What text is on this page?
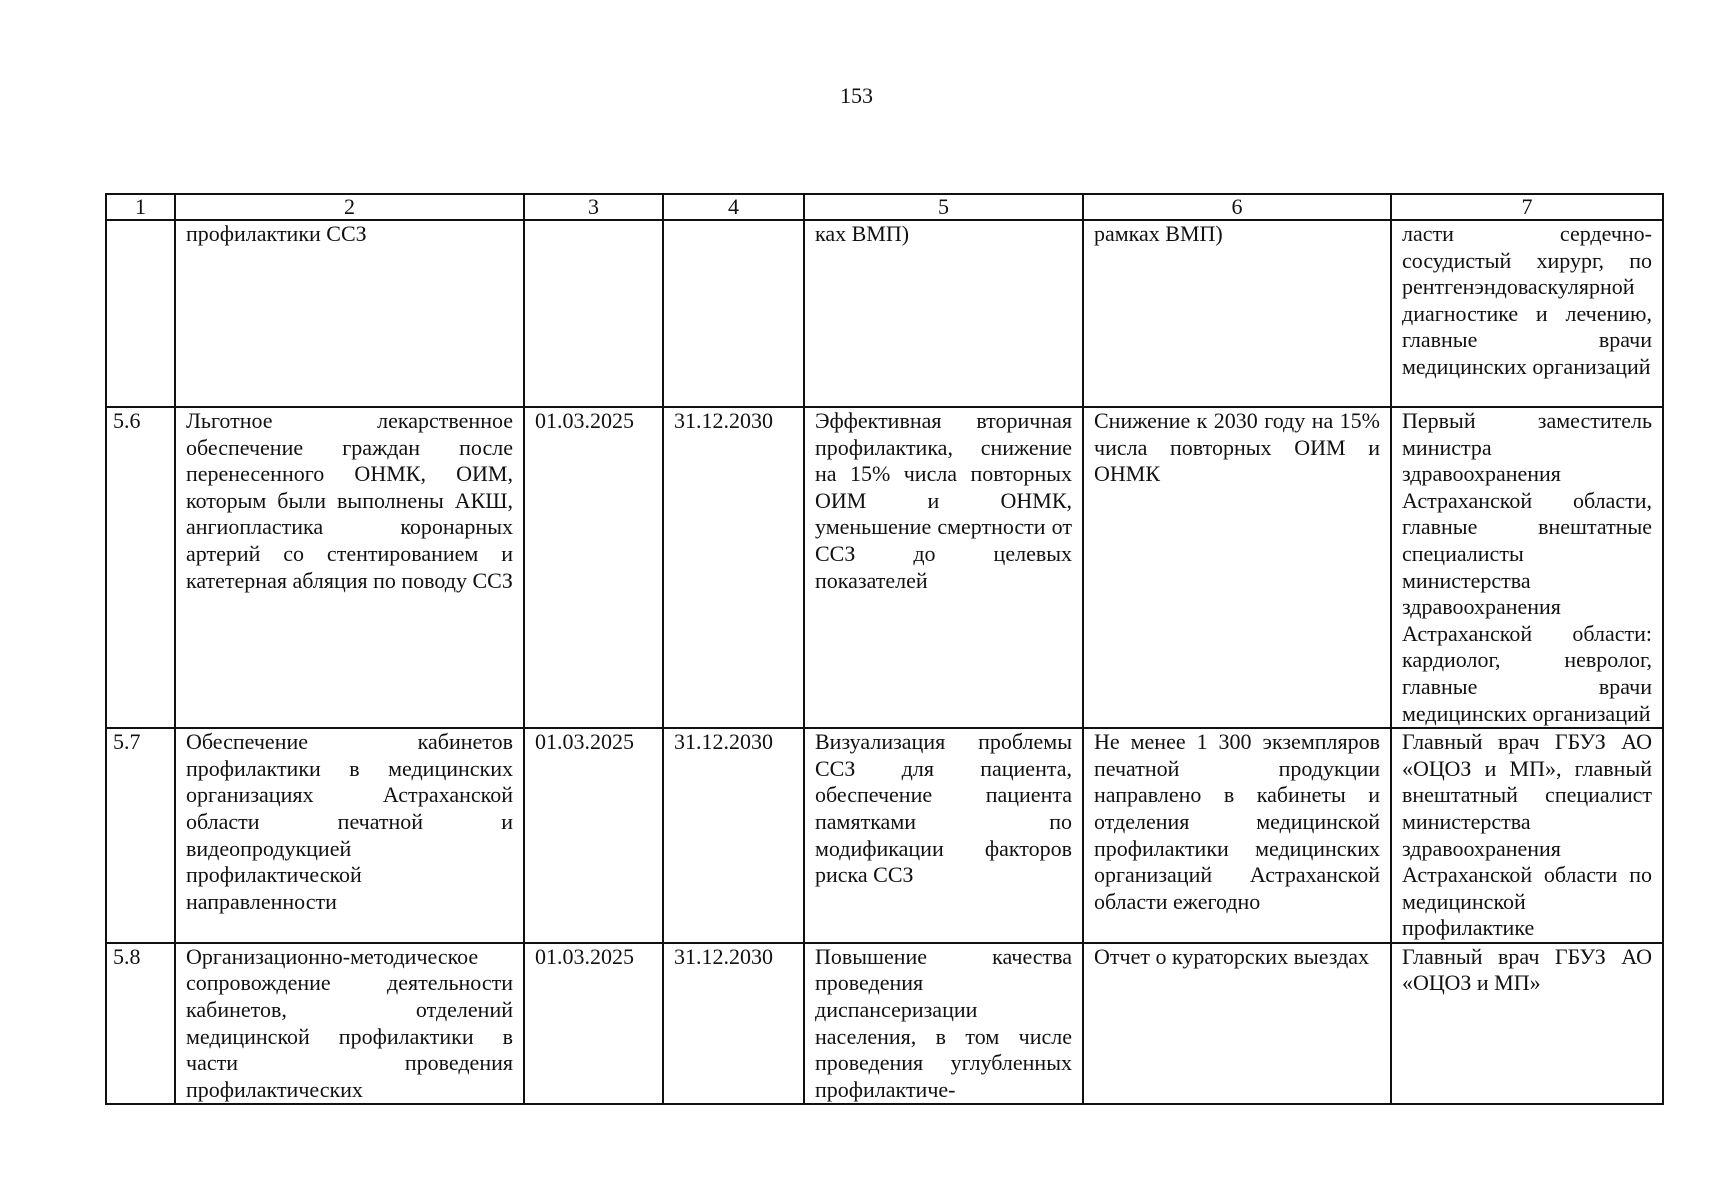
153
1	2	3	4	5	6	7
	профилактики ССЗ			ках ВМП)	рамках ВМП)	ласти сердечно-сосудистый хирург, по рентгенэндоваскулярной диагностике и лечению, главные врачи медицинских организаций
5.6	Льготное лекарственное обеспечение граждан после перенесенного ОНМК, ОИМ, которым были выполнены АКШ, ангиопластика коронарных артерий со стентированием и катетерная абляция по поводу ССЗ	01.03.2025	31.12.2030	Эффективная вторичная профилактика, снижение на 15% числа повторных ОИМ и ОНМК, уменьшение смертности от ССЗ до целевых показателей	Снижение к 2030 году на 15% числа повторных ОИМ и ОНМК	Первый заместитель министра здравоохранения Астраханской области, главные внештатные специалисты министерства здравоохранения Астраханской области: кардиолог, невролог, главные врачи медицинских организаций
5.7	Обеспечение кабинетов профилактики в медицинских организациях Астраханской области печатной и видеопродукцией профилактической направленности	01.03.2025	31.12.2030	Визуализация проблемы ССЗ для пациента, обеспечение пациента памятками по модификации факторов риска ССЗ	Не менее 1 300 экземпляров печатной продукции направлено в кабинеты и отделения медицинской профилактики медицинских организаций Астраханской области ежегодно	Главный врач ГБУЗ АО «ОЦОЗ и МП», главный внештатный специалист министерства здравоохранения Астраханской области по медицинской профилактике
5.8	Организационно-методическое сопровождение деятельности кабинетов, отделений медицинской профилактики в части проведения профилактических	01.03.2025	31.12.2030	Повышение качества проведения диспансеризации населения, в том числе проведения углубленных профилактиче-	Отчет о кураторских выездах	Главный врач ГБУЗ АО «ОЦОЗ и МП»
